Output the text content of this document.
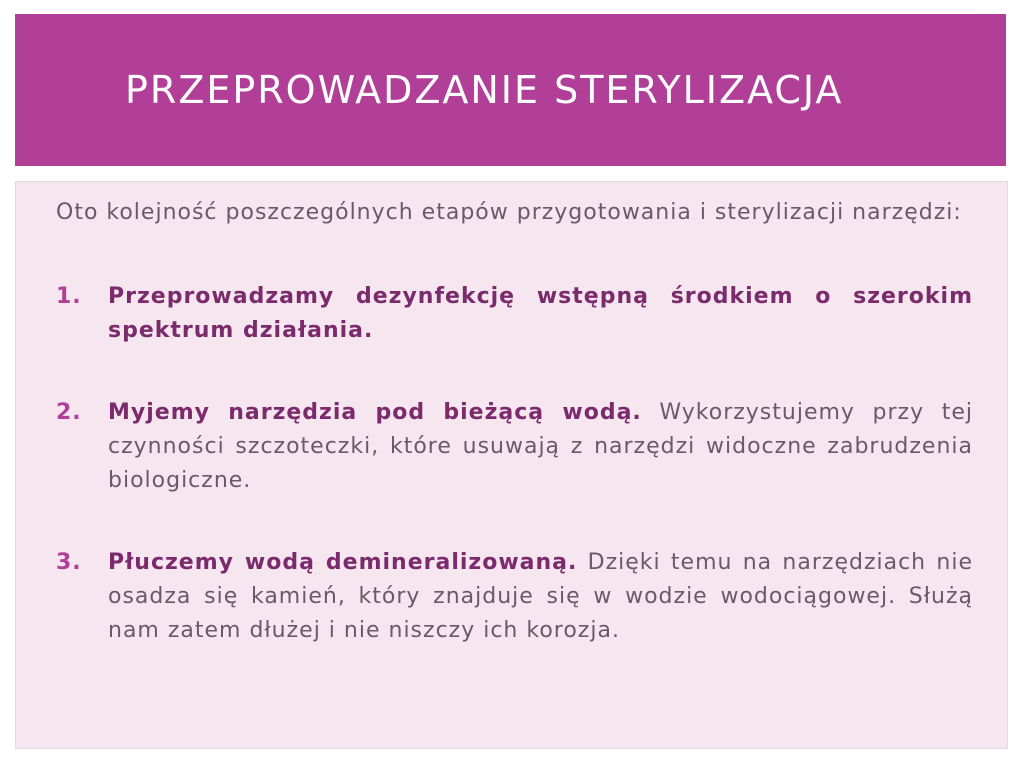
PRZEPROWADZANIE STERYLIZACJA

Oto kolejność poszczególnych etapów przygotowania i sterylizacji narzędzi:

1. Przeprowadzamy dezynfekcję wstępną środkiem o szerokim spektrum działania.

2. Myjemy narzędzia pod bieżącą wodą. Wykorzystujemy przy tej czynności szczoteczki, które usuwają z narzędzi widoczne zabrudzenia biologiczne.

3. Płuczemy wodą demineralizowaną. Dzięki temu na narzędziach nie osadza się kamień, który znajduje się w wodzie wodociągowej. Służą nam zatem dłużej i nie niszczy ich korozja.
